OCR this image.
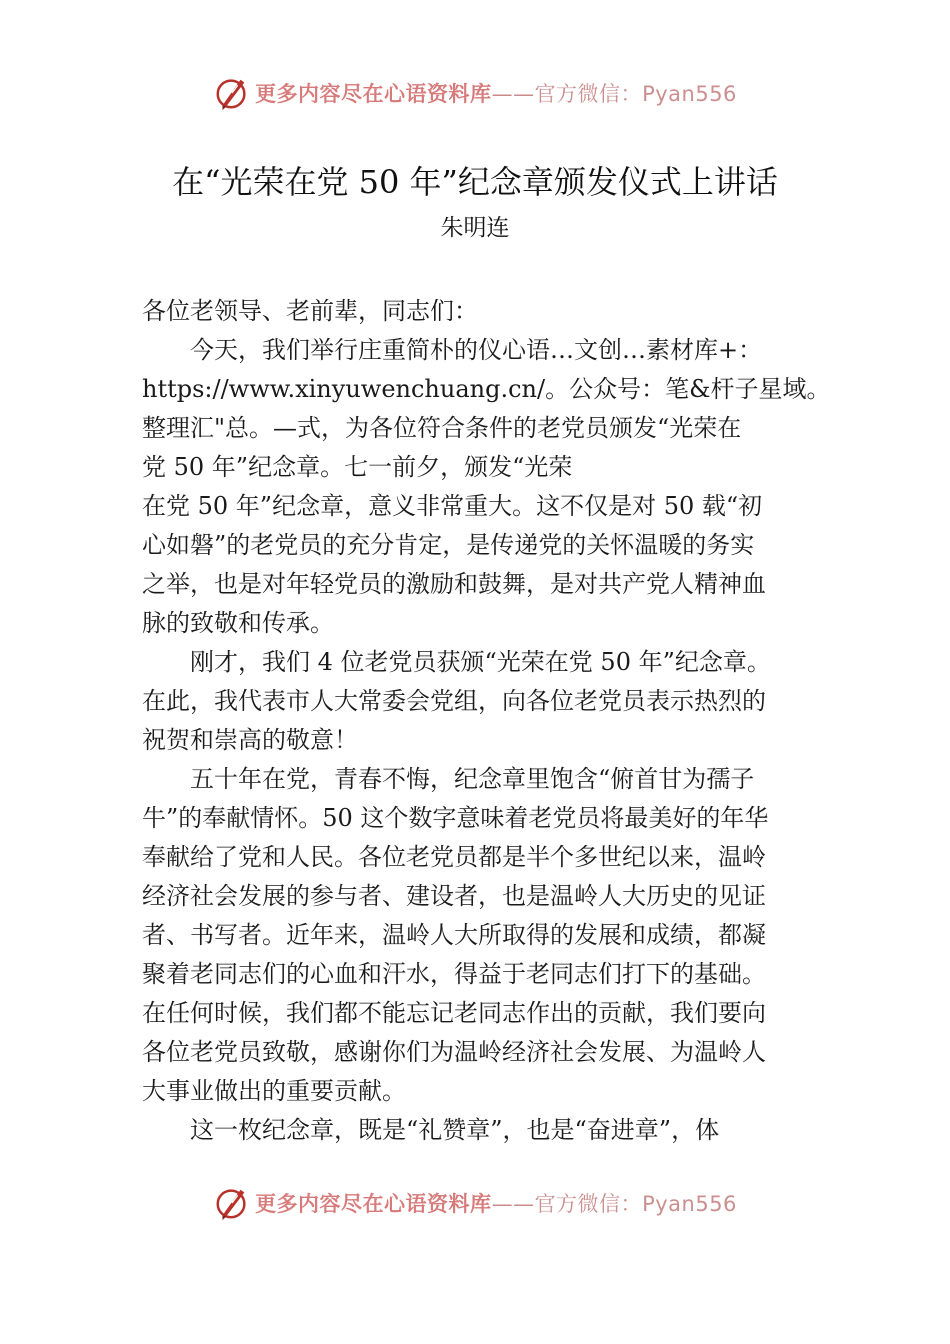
更多内容尽在心语资料库——官方微信：Pyan556
在“光荣在党 50 年”纪念章颁发仪式上讲话
朱明连
各位老领导、老前辈，同志们：
今天，我们举行庄重简朴的仪心语…文创…素材库+：
https://www.xinyuwenchuang.cn/。公众号：笔&杆子星域。
整理汇"总。—式，为各位符合条件的老党员颁发“光荣在
党 50 年”纪念章。七一前夕，颁发“光荣
在党 50 年”纪念章，意义非常重大。这不仅是对 50 载“初
心如磐”的老党员的充分肯定，是传递党的关怀温暖的务实
之举，也是对年轻党员的激励和鼓舞，是对共产党人精神血
脉的致敬和传承。
刚才，我们 4 位老党员获颁“光荣在党 50 年”纪念章。
在此，我代表市人大常委会党组，向各位老党员表示热烈的
祝贺和崇高的敬意！
五十年在党，青春不悔，纪念章里饱含“俯首甘为孺子
牛”的奉献情怀。50 这个数字意味着老党员将最美好的年华
奉献给了党和人民。各位老党员都是半个多世纪以来，温岭
经济社会发展的参与者、建设者，也是温岭人大历史的见证
者、书写者。近年来，温岭人大所取得的发展和成绩，都凝
聚着老同志们的心血和汗水，得益于老同志们打下的基础。
在任何时候，我们都不能忘记老同志作出的贡献，我们要向
各位老党员致敬，感谢你们为温岭经济社会发展、为温岭人
大事业做出的重要贡献。
这一枚纪念章，既是“礼赞章”，也是“奋进章”，体
更多内容尽在心语资料库——官方微信：Pyan556
